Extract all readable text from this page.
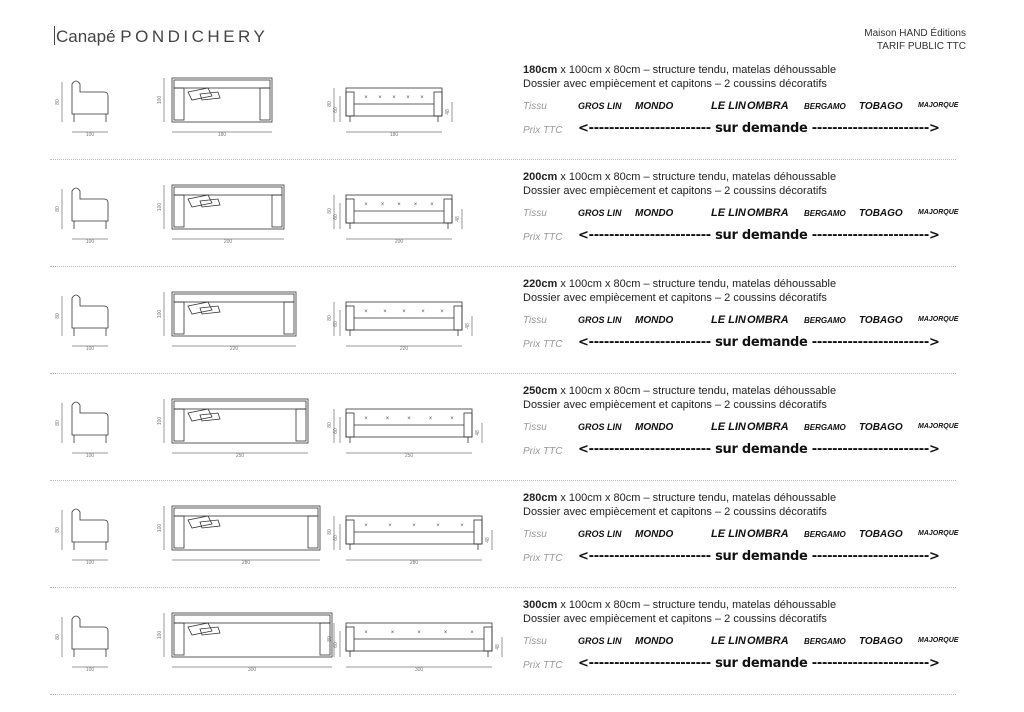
Canapé PONDICHERY	Maison HAND Éditions
TARIF PUBLIC TTC
× × × × ×
80
100
100
180
80
60	48
180
180cm x 100cm x 80cm – structure tendu, matelas déhoussable
Dossier avec empiècement et capitons – 2 coussins décoratifs
Tissu	GROS LIN MONDO	LE LIN OMBRA BERGAMO TOBAGO MAJORQUE
Prix TTC <------------------------ sur demande ----------------------->
× × × × ×
80
100
100
200
80
60	48
200
200cm x 100cm x 80cm – structure tendu, matelas déhoussable
Dossier avec empiècement et capitons – 2 coussins décoratifs
Tissu	GROS LIN MONDO	LE LIN OMBRA BERGAMO TOBAGO MAJORQUE
Prix TTC <------------------------ sur demande ----------------------->
×	×	×	×	×
80
100
100
220
80
60	48
220
220cm x 100cm x 80cm – structure tendu, matelas déhoussable
Dossier avec empiècement et capitons – 2 coussins décoratifs
Tissu	GROS LIN MONDO	LE LIN OMBRA BERGAMO TOBAGO MAJORQUE
Prix TTC <------------------------ sur demande ----------------------->
×	×	×	×	×
80
100
100
250
80
60	48
250
250cm x 100cm x 80cm – structure tendu, matelas déhoussable
Dossier avec empiècement et capitons – 2 coussins décoratifs
Tissu	GROS LIN MONDO	LE LIN OMBRA BERGAMO TOBAGO MAJORQUE
Prix TTC <------------------------ sur demande ----------------------->
×	×	×	×	×
80
100
100
280
80
60	48
280
280cm x 100cm x 80cm – structure tendu, matelas déhoussable
Dossier avec empiècement et capitons – 2 coussins décoratifs
Tissu	GROS LIN MONDO	LE LIN OMBRA BERGAMO TOBAGO MAJORQUE
Prix TTC <------------------------ sur demande ----------------------->
×	×	×	×	×
80
100
100
300
80
60	48
300
300cm x 100cm x 80cm – structure tendu, matelas déhoussable
Dossier avec empiècement et capitons – 2 coussins décoratifs
Tissu	GROS LIN MONDO	LE LIN OMBRA BERGAMO TOBAGO MAJORQUE
Prix TTC <------------------------ sur demande ----------------------->
